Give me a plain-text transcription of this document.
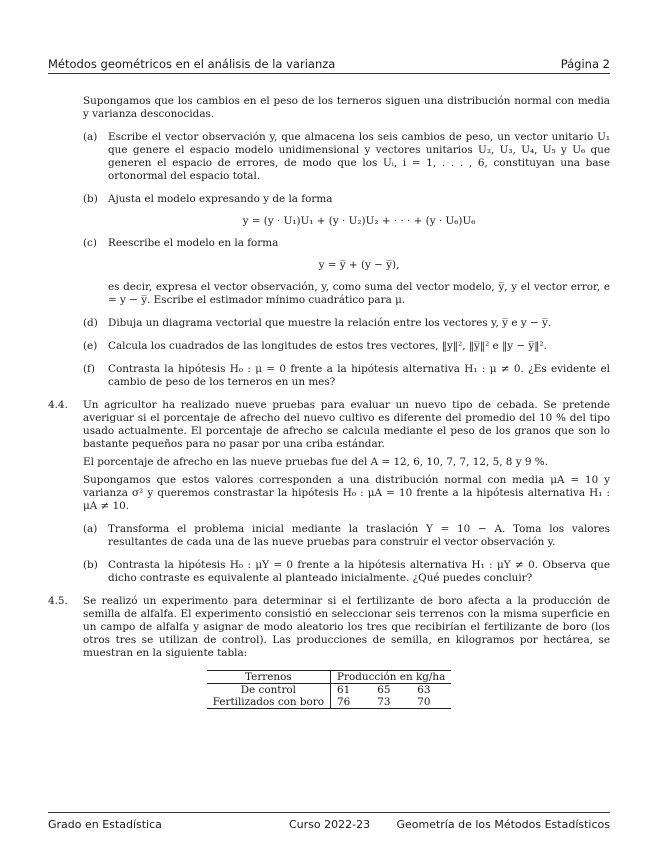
Métodos geométricos en el análisis de la varianza	Página 2

Supongamos que los cambios en el peso de los terneros siguen una distribución normal con media y varianza desconocidas.

(a) Escribe el vector observación y, que almacena los seis cambios de peso, un vector unitario U₁ que genere el espacio modelo unidimensional y vectores unitarios U₂, U₃, U₄, U₅ y U₆ que generen el espacio de errores, de modo que los Uᵢ, i = 1, . . . , 6, constituyan una base ortonormal del espacio total.

(b) Ajusta el modelo expresando y de la forma

y = (y · U₁)U₁ + (y · U₂)U₂ + · · · + (y · U₆)U₆
(c) Reescribe el modelo en la forma

y = y̅ + (y − y̅),

es decir, expresa el vector observación, y, como suma del vector modelo, y̅, y el vector error, e = y − y̅. Escribe el estimador mínimo cuadrático para μ.

(d) Dibuja un diagrama vectorial que muestre la relación entre los vectores y, y̅ e y − y̅.

(e) Calcula los cuadrados de las longitudes de estos tres vectores, ‖y‖², ‖y̅‖² e ‖y − y̅‖².

(f) Contrasta la hipótesis H₀ : μ = 0 frente a la hipótesis alternativa H₁ : μ ≠ 0. ¿Es evidente el cambio de peso de los terneros en un mes?

4.4. Un agricultor ha realizado nueve pruebas para evaluar un nuevo tipo de cebada. Se pretende averiguar si el porcentaje de afrecho del nuevo cultivo es diferente del promedio del 10 % del tipo usado actualmente. El porcentaje de afrecho se calcula mediante el peso de los granos que son lo bastante pequeños para no pasar por una criba estándar.

El porcentaje de afrecho en las nueve pruebas fue del A = 12, 6, 10, 7, 7, 12, 5, 8 y 9 %.

Supongamos que estos valores corresponden a una distribución normal con media μA = 10 y varianza σ² y queremos constrastar la hipótesis H₀ : μA = 10 frente a la hipótesis alternativa H₁ : μA ≠ 10.

(a) Transforma el problema inicial mediante la traslación Y = 10 − A. Toma los valores resultantes de cada una de las nueve pruebas para construir el vector observación y.

(b) Contrasta la hipótesis H₀ : μY = 0 frente a la hipótesis alternativa H₁ : μY ≠ 0. Observa que dicho contraste es equivalente al planteado inicialmente. ¿Qué puedes concluir?

4.5. Se realizó un experimento para determinar si el fertilizante de boro afecta a la producción de semilla de alfalfa. El experimento consistió en seleccionar seis terrenos con la misma superficie en un campo de alfalfa y asignar de modo aleatorio los tres que recibirían el fertilizante de boro (los otros tres se utilizan de control). Las producciones de semilla, en kilogramos por hectárea, se muestran en la siguiente tabla:

Terrenos	Producción en kg/ha		
De control	61	65	63
Fertilizados con boro	76	73	70
Grado en Estadística	Curso 2022-23 Geometría de los Métodos Estadísticos
